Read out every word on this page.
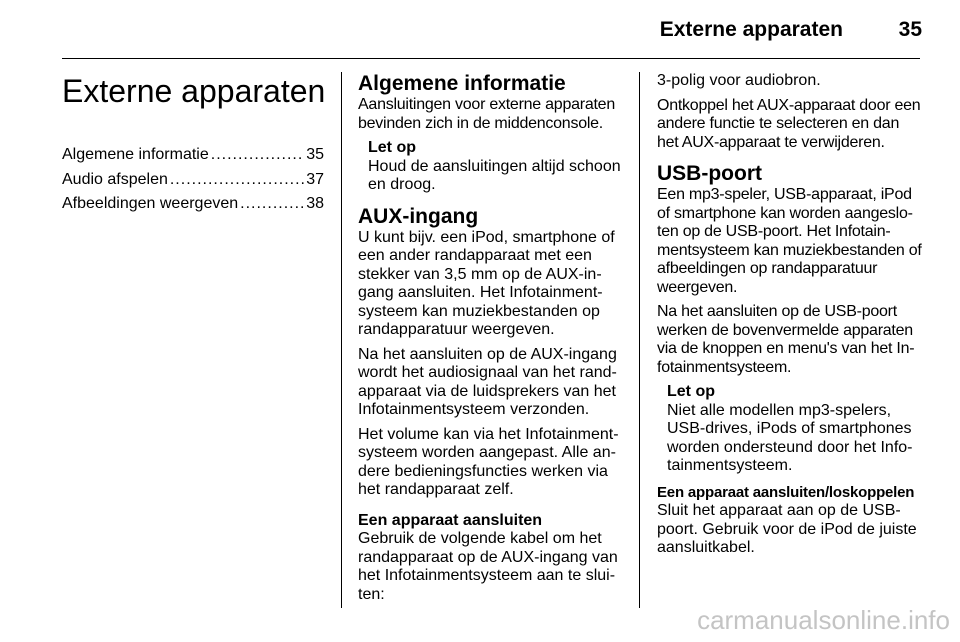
Externe apparaten	35
Externe apparaten
Algemene informatie .....	35
Audio afspelen .....	37
Afbeeldingen weergeven .....	38
Algemene informatie

Aansluitingen voor externe apparaten bevinden zich in de middenconsole.

Let op
Houd de aansluitingen altijd schoon en droog.
AUX-ingang

U kunt bijv. een iPod, smartphone of een ander randapparaat met een stekker van 3,5 mm op de AUX-in-gang aansluiten. Het Infotainment-systeem kan muziekbestanden op randapparatuur weergeven.

Na het aansluiten op de AUX-ingang wordt het audiosignaal van het rand-apparaat via de luidsprekers van het Infotainmentsysteem verzonden.

Het volume kan via het Infotainment-systeem worden aangepast. Alle an-dere bedieningsfuncties werken via het randapparaat zelf.

Een apparaat aansluiten

Gebruik de volgende kabel om het randapparaat op de AUX-ingang van het Infotainmentsysteem aan te slui-ten:

3-polig voor audiobron.

Ontkoppel het AUX-apparaat door een andere functie te selecteren en dan het AUX-apparaat te verwijderen.

USB-poort

Een mp3-speler, USB-apparaat, iPod of smartphone kan worden aangeslo-ten op de USB-poort. Het Infotain-mentsysteem kan muziekbestanden of afbeeldingen op randapparatuur weergeven.

Na het aansluiten op de USB-poort werken de bovenvermelde apparaten via de knoppen en menu's van het In-fotainmentsysteem.

Let op
Niet alle modellen mp3-spelers, USB-drives, iPods of smartphones worden ondersteund door het Info-tainmentsysteem.
Een apparaat aansluiten/loskoppelen

Sluit het apparaat aan op de USB-poort. Gebruik voor de iPod de juiste aansluitkabel.

carmanualsonline.info
